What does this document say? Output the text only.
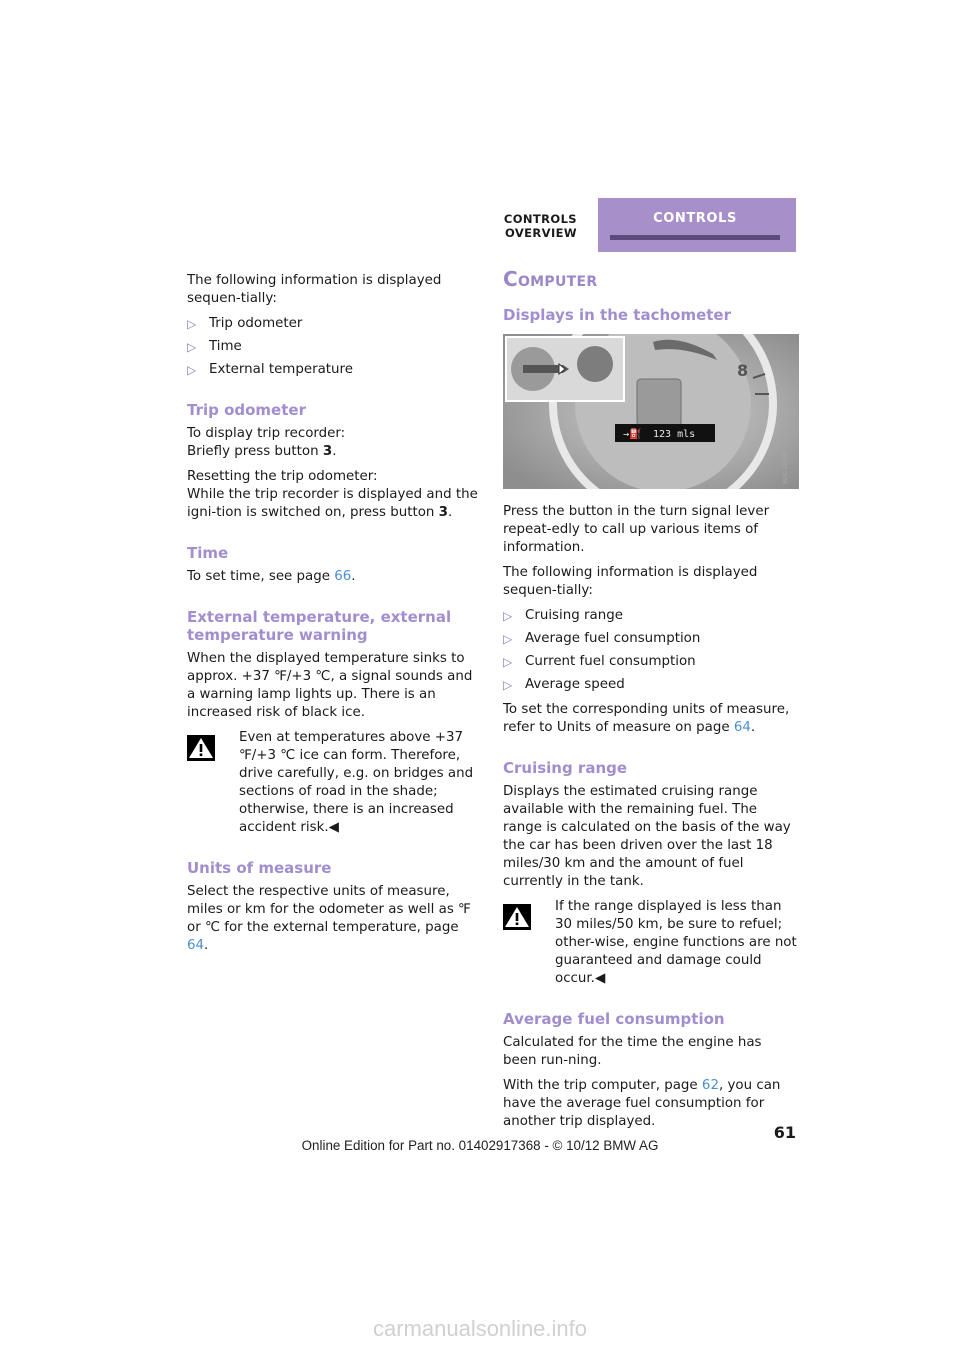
CONTROLS OVERVIEW
CONTROLS

The following information is displayed sequen-tially:

▷ Trip odometer
▷ Time
▷ External temperature
Trip odometer

To display trip recorder:
Briefly press button 3.

Resetting the trip odometer:
While the trip recorder is displayed and the igni-tion is switched on, press button 3.

Time

To set time, see page 66.

External temperature, external temperature warning

When the displayed temperature sinks to approx. +37 ℉/+3 ℃, a signal sounds and a warning lamp lights up. There is an increased risk of black ice.

Even at temperatures above +37 ℉/+3 ℃ ice can form. Therefore, drive carefully, e.g. on bridges and sections of road in the shade; otherwise, there is an increased accident risk.◀
Units of measure

Select the respective units of measure, miles or km for the odometer as well as ℉ or ℃ for the external temperature, page 64.

Computer
Displays in the tachometer
→⛽ 123 mls
8
W/C-1B/GP

Press the button in the turn signal lever repeat-edly to call up various items of information.

The following information is displayed sequen-tially:

▷ Cruising range
▷ Average fuel consumption
▷ Current fuel consumption
▷ Average speed

To set the corresponding units of measure, refer to Units of measure on page 64.

Cruising range

Displays the estimated cruising range available with the remaining fuel. The range is calculated on the basis of the way the car has been driven over the last 18 miles/30 km and the amount of fuel currently in the tank.

If the range displayed is less than 30 miles/50 km, be sure to refuel; other-wise, engine functions are not guaranteed and damage could occur.◀
Average fuel consumption

Calculated for the time the engine has been run-ning.

With the trip computer, page 62, you can have the average fuel consumption for another trip displayed.

61
Online Edition for Part no. 01402917368 - © 10/12 BMW AG
carmanualsonline.info
